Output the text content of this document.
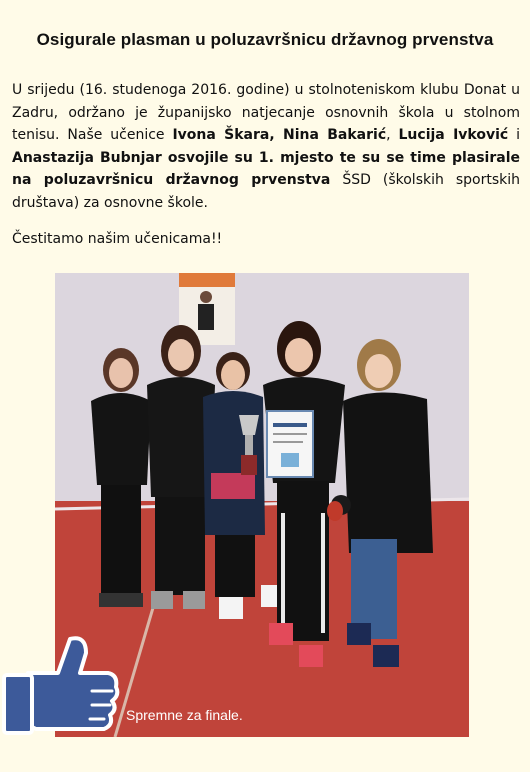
Osigurale plasman u poluzavršnicu državnog prvenstva
U srijedu (16. studenoga 2016. godine) u stolnoteniskom klubu Donat u Zadru, održano je županijsko natjecanje osnovnih škola u stolnom tenisu. Naše učenice Ivona Škara, Nina Bakarić, Lucija Ivković i Anastazija Bubnjar osvojile su 1. mjesto te su se time plasirale na poluzavršnicu državnog prvenstva ŠSD (školskih sportskih društava) za osnovne škole.
Čestitamo našim učenicama!!
Spremne za finale.
